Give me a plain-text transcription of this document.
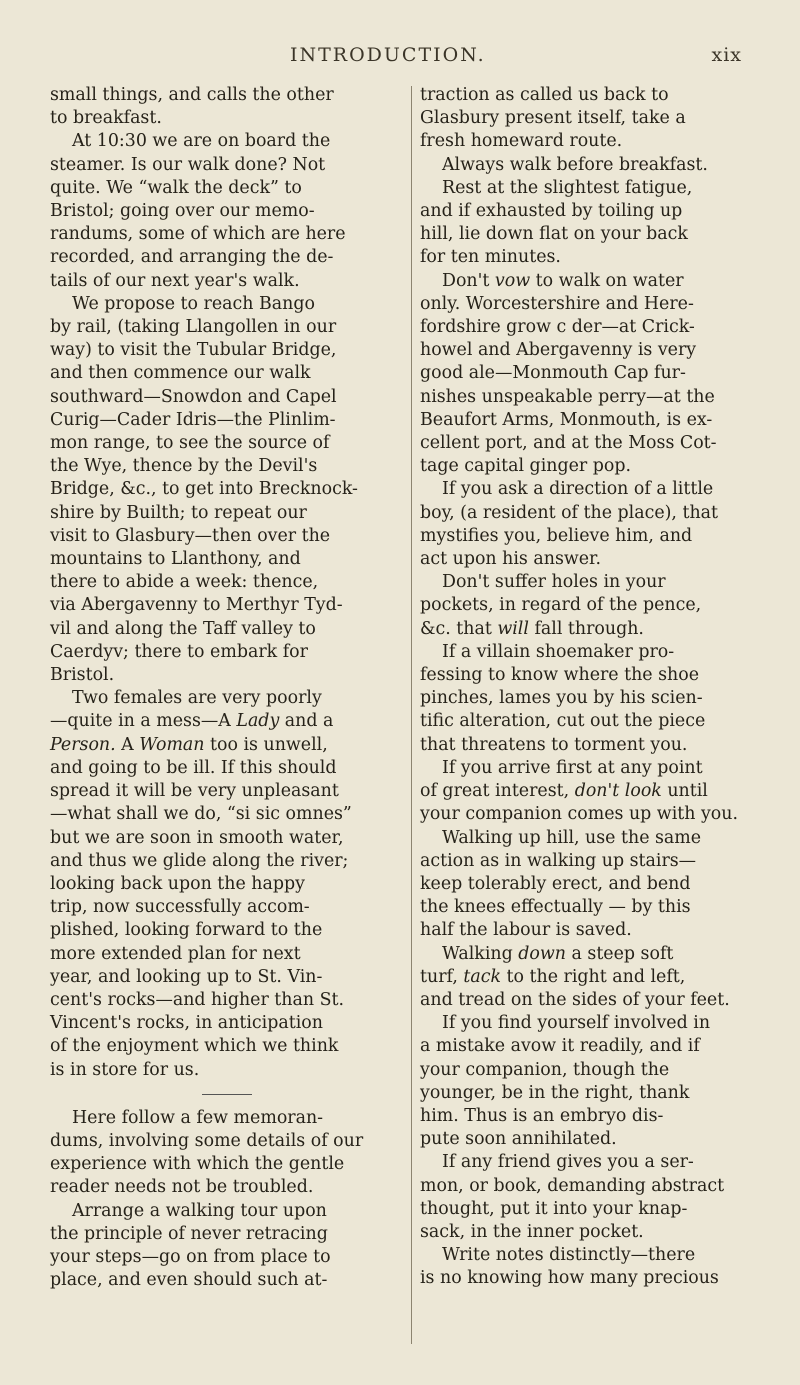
INTRODUCTION.	xix

small things, and calls the other
to breakfast.
At 10:30 we are on board the
steamer. Is our walk done? Not
quite. We “walk the deck” to
Bristol; going over our memo-
randums, some of which are here
recorded, and arranging the de-
tails of our next year's walk.
We propose to reach Bango
by rail, (taking Llangollen in our
way) to visit the Tubular Bridge,
and then commence our walk
southward—Snowdon and Capel
Curig—Cader Idris—the Plinlim-
mon range, to see the source of
the Wye, thence by the Devil's
Bridge, &c., to get into Brecknock-
shire by Builth; to repeat our
visit to Glasbury—then over the
mountains to Llanthony, and
there to abide a week: thence,
via Abergavenny to Merthyr Tyd-
vil and along the Taff valley to
Caerdyv; there to embark for
Bristol.
Two females are very poorly
—quite in a mess—A Lady and a
Person. A Woman too is unwell,
and going to be ill. If this should
spread it will be very unpleasant
—what shall we do, “si sic omnes”
but we are soon in smooth water,
and thus we glide along the river;
looking back upon the happy
trip, now successfully accom-
plished, looking forward to the
more extended plan for next
year, and looking up to St. Vin-
cent's rocks—and higher than St.
Vincent's rocks, in anticipation
of the enjoyment which we think
is in store for us.

Here follow a few memoran-
dums, involving some details of our
experience with which the gentle
reader needs not be troubled.
Arrange a walking tour upon
the principle of never retracing
your steps—go on from place to
place, and even should such at-

traction as called us back to
Glasbury present itself, take a
fresh homeward route.
Always walk before breakfast.
Rest at the slightest fatigue,
and if exhausted by toiling up
hill, lie down flat on your back
for ten minutes.
Don't vow to walk on water
only. Worcestershire and Here-
fordshire grow c der—at Crick-
howel and Abergavenny is very
good ale—Monmouth Cap fur-
nishes unspeakable perry—at the
Beaufort Arms, Monmouth, is ex-
cellent port, and at the Moss Cot-
tage capital ginger pop.
If you ask a direction of a little
boy, (a resident of the place), that
mystifies you, believe him, and
act upon his answer.
Don't suffer holes in your
pockets, in regard of the pence,
&c. that will fall through.
If a villain shoemaker pro-
fessing to know where the shoe
pinches, lames you by his scien-
tific alteration, cut out the piece
that threatens to torment you.
If you arrive first at any point
of great interest, don't look until
your companion comes up with you.
Walking up hill, use the same
action as in walking up stairs—
keep tolerably erect, and bend
the knees effectually — by this
half the labour is saved.
Walking down a steep soft
turf, tack to the right and left,
and tread on the sides of your feet.
If you find yourself involved in
a mistake avow it readily, and if
your companion, though the
younger, be in the right, thank
him. Thus is an embryo dis-
pute soon annihilated.
If any friend gives you a ser-
mon, or book, demanding abstract
thought, put it into your knap-
sack, in the inner pocket.
Write notes distinctly—there
is no knowing how many precious
